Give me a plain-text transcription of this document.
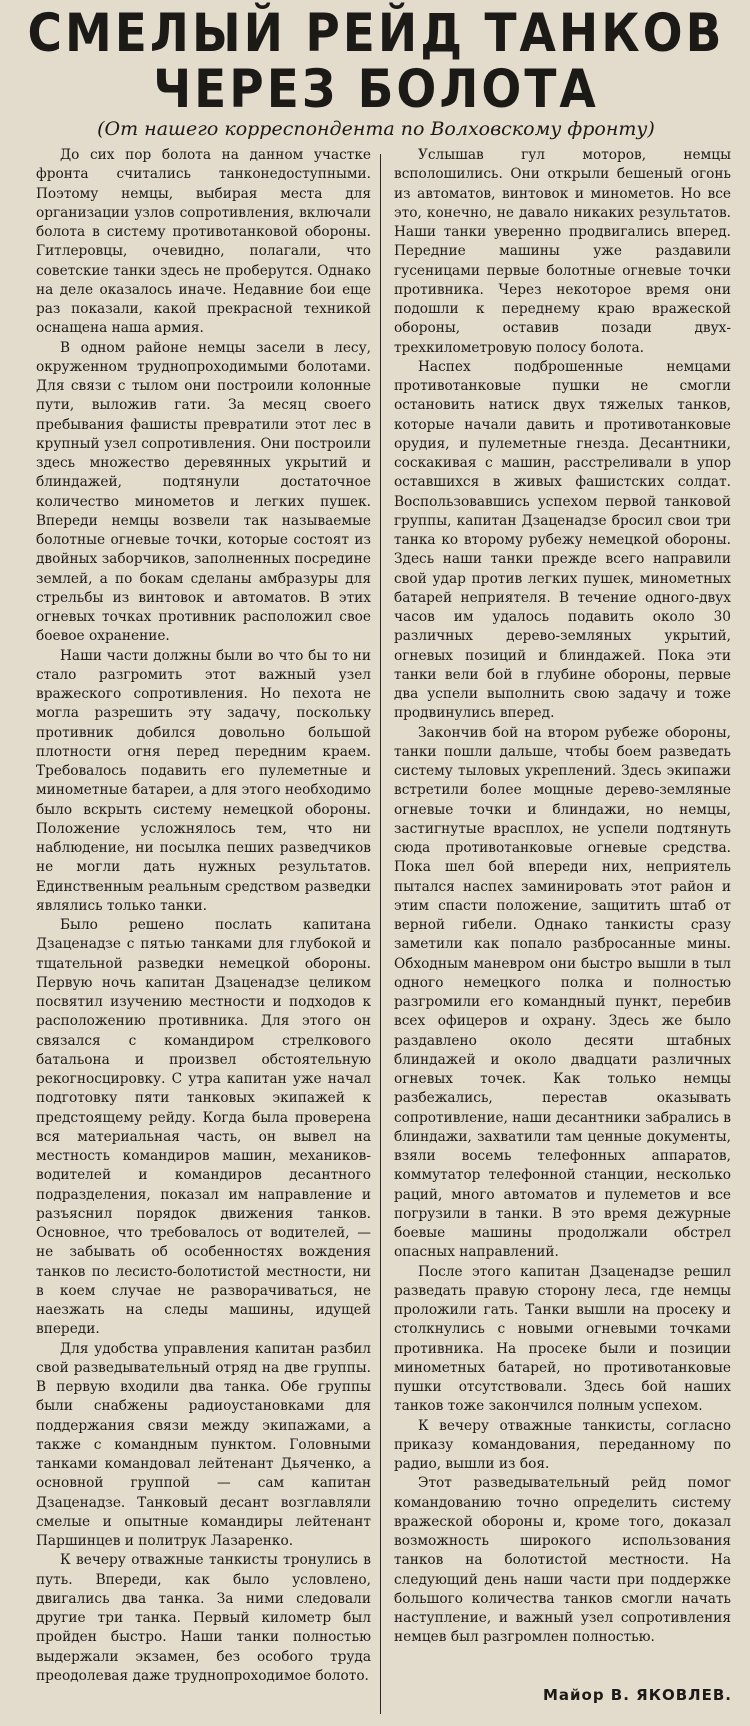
СМЕЛЫЙ РЕЙД ТАНКОВ
ЧЕРЕЗ БОЛОТА
(От нашего корреспондента по Волховскому фронту)

До сих пор болота на данном участке фронта считались танконедоступными. Поэтому немцы, выбирая места для организации узлов сопротивления, включали болота в систему противотанковой обороны. Гитлеровцы, очевидно, полагали, что советские танки здесь не проберутся. Однако на деле оказалось иначе. Недавние бои еще раз показали, какой прекрасной техникой оснащена наша армия.

В одном районе немцы засели в лесу, окруженном труднопроходимыми болотами. Для связи с тылом они построили колонные пути, выложив гати. За месяц своего пребывания фашисты превратили этот лес в крупный узел сопротивления. Они построили здесь множество деревянных укрытий и блиндажей, подтянули достаточное количество минометов и легких пушек. Впереди немцы возвели так называемые болотные огневые точки, которые состоят из двойных заборчиков, заполненных посредине землей, а по бокам сделаны амбразуры для стрельбы из винтовок и автоматов. В этих огневых точках противник расположил свое боевое охранение.

Наши части должны были во что бы то ни стало разгромить этот важный узел вражеского сопротивления. Но пехота не могла разрешить эту задачу, поскольку противник добился довольно большой плотности огня перед передним краем. Требовалось подавить его пулеметные и минометные батареи, а для этого необходимо было вскрыть систему немецкой обороны. Положение усложнялось тем, что ни наблюдение, ни посылка пеших разведчиков не могли дать нужных результатов. Единственным реальным средством разведки являлись только танки.

Было решено послать капитана Дзаценадзе с пятью танками для глубокой и тщательной разведки немецкой обороны. Первую ночь капитан Дзаценадзе целиком посвятил изучению местности и подходов к расположению противника. Для этого он связался с командиром стрелкового батальона и произвел обстоятельную рекогносцировку. С утра капитан уже начал подготовку пяти танковых экипажей к предстоящему рейду. Когда была проверена вся материальная часть, он вывел на местность командиров машин, механиков-водителей и командиров десантного подразделения, показал им направление и разъяснил порядок движения танков. Основное, что требовалось от водителей, — не забывать об особенностях вождения танков по лесисто-болотистой местности, ни в коем случае не разворачиваться, не наезжать на следы машины, идущей впереди.

Для удобства управления капитан разбил свой разведывательный отряд на две группы. В первую входили два танка. Обе группы были снабжены радиоустановками для поддержания связи между экипажами, а также с командным пунктом. Головными танками командовал лейтенант Дьяченко, а основной группой — сам капитан Дзаценадзе. Танковый десант возглавляли смелые и опытные командиры лейтенант Паршинцев и политрук Лазаренко.

К вечеру отважные танкисты тронулись в путь. Впереди, как было условлено, двигались два танка. За ними следовали другие три танка. Первый километр был пройден быстро. Наши танки полностью выдержали экзамен, без особого труда преодолевая даже труднопроходимое болото.

Услышав гул моторов, немцы всполошились. Они открыли бешеный огонь из автоматов, винтовок и минометов. Но все это, конечно, не давало никаких результатов. Наши танки уверенно продвигались вперед. Передние машины уже раздавили гусеницами первые болотные огневые точки противника. Через некоторое время они подошли к переднему краю вражеской обороны, оставив позади двух-трехкилометровую полосу болота.

Наспех подброшенные немцами противотанковые пушки не смогли остановить натиск двух тяжелых танков, которые начали давить и противотанковые орудия, и пулеметные гнезда. Десантники, соскакивая с машин, расстреливали в упор оставшихся в живых фашистских солдат. Воспользовавшись успехом первой танковой группы, капитан Дзаценадзе бросил свои три танка ко второму рубежу немецкой обороны. Здесь наши танки прежде всего направили свой удар против легких пушек, минометных батарей неприятеля. В течение одного-двух часов им удалось подавить около 30 различных дерево-земляных укрытий, огневых позиций и блиндажей. Пока эти танки вели бой в глубине обороны, первые два успели выполнить свою задачу и тоже продвинулись вперед.

Закончив бой на втором рубеже обороны, танки пошли дальше, чтобы боем разведать систему тыловых укреплений. Здесь экипажи встретили более мощные дерево-земляные огневые точки и блиндажи, но немцы, застигнутые врасплох, не успели подтянуть сюда противотанковые огневые средства. Пока шел бой впереди них, неприятель пытался наспех заминировать этот район и этим спасти положение, защитить штаб от верной гибели. Однако танкисты сразу заметили как попало разбросанные мины. Обходным маневром они быстро вышли в тыл одного немецкого полка и полностью разгромили его командный пункт, перебив всех офицеров и охрану. Здесь же было раздавлено около десяти штабных блиндажей и около двадцати различных огневых точек. Как только немцы разбежались, перестав оказывать сопротивление, наши десантники забрались в блиндажи, захватили там ценные документы, взяли восемь телефонных аппаратов, коммутатор телефонной станции, несколько раций, много автоматов и пулеметов и все погрузили в танки. В это время дежурные боевые машины продолжали обстрел опасных направлений.

После этого капитан Дзаценадзе решил разведать правую сторону леса, где немцы проложили гать. Танки вышли на просеку и столкнулись с новыми огневыми точками противника. На просеке были и позиции минометных батарей, но противотанковые пушки отсутствовали. Здесь бой наших танков тоже закончился полным успехом.

К вечеру отважные танкисты, согласно приказу командования, переданному по радио, вышли из боя.

Этот разведывательный рейд помог командованию точно определить систему вражеской обороны и, кроме того, доказал возможность широкого использования танков на болотистой местности. На следующий день наши части при поддержке большого количества танков смогли начать наступление, и важный узел сопротивления немцев был разгромлен полностью.

Майор В. ЯКОВЛЕВ.
